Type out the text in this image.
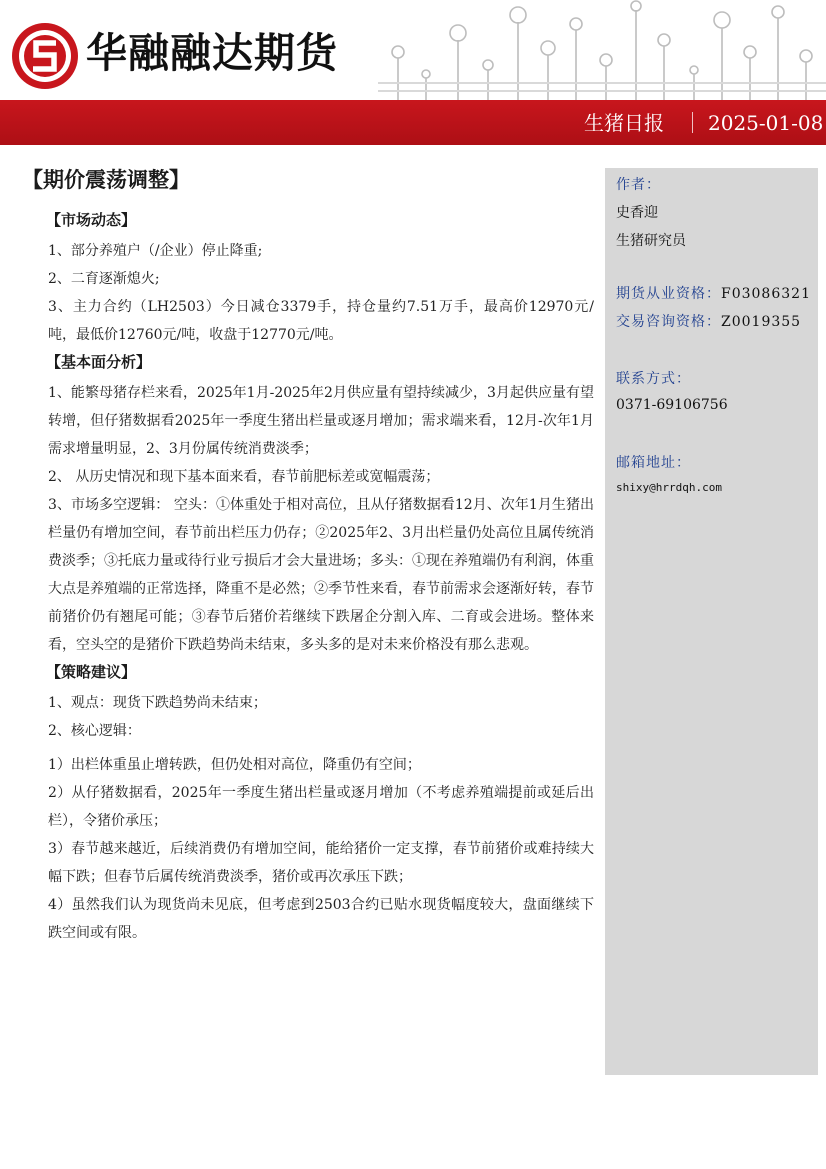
华融融达期货
生猪日报 2025-01-08
【期价震荡调整】
【市场动态】

1、部分养殖户（/企业）停止降重;

2、二育逐渐熄火;

3、主力合约（LH2503）今日减仓3379手，持仓量约7.51万手，最高价12970元/吨，最低价12760元/吨，收盘于12770元/吨。

【基本面分析】

1、能繁母猪存栏来看，2025年1月-2025年2月供应量有望持续减少，3月起供应量有望转增，但仔猪数据看2025年一季度生猪出栏量或逐月增加；需求端来看，12月-次年1月需求增量明显，2、3月份属传统消费淡季；

2、 从历史情况和现下基本面来看，春节前肥标差或宽幅震荡；

3、市场多空逻辑： 空头：①体重处于相对高位，且从仔猪数据看12月、次年1月生猪出栏量仍有增加空间，春节前出栏压力仍存；②2025年2、3月出栏量仍处高位且属传统消费淡季；③托底力量或待行业亏损后才会大量进场；多头：①现在养殖端仍有利润，体重大点是养殖端的正常选择，降重不是必然；②季节性来看，春节前需求会逐渐好转，春节前猪价仍有翘尾可能；③春节后猪价若继续下跌屠企分割入库、二育或会进场。整体来看，空头空的是猪价下跌趋势尚未结束，多头多的是对未来价格没有那么悲观。

【策略建议】

1、观点：现货下跌趋势尚未结束；

2、核心逻辑：

1）出栏体重虽止增转跌，但仍处相对高位，降重仍有空间；

2）从仔猪数据看，2025年一季度生猪出栏量或逐月增加（不考虑养殖端提前或延后出栏），令猪价承压；

3）春节越来越近，后续消费仍有增加空间，能给猪价一定支撑，春节前猪价或难持续大幅下跌；但春节后属传统消费淡季，猪价或再次承压下跌；

4）虽然我们认为现货尚未见底，但考虑到2503合约已贴水现货幅度较大，盘面继续下跌空间或有限。

作者：
史香迎
生猪研究员
期货从业资格：F03086321
交易咨询资格：Z0019355
联系方式：
0371-69106756
邮箱地址：
shixy@hrrdqh.com
